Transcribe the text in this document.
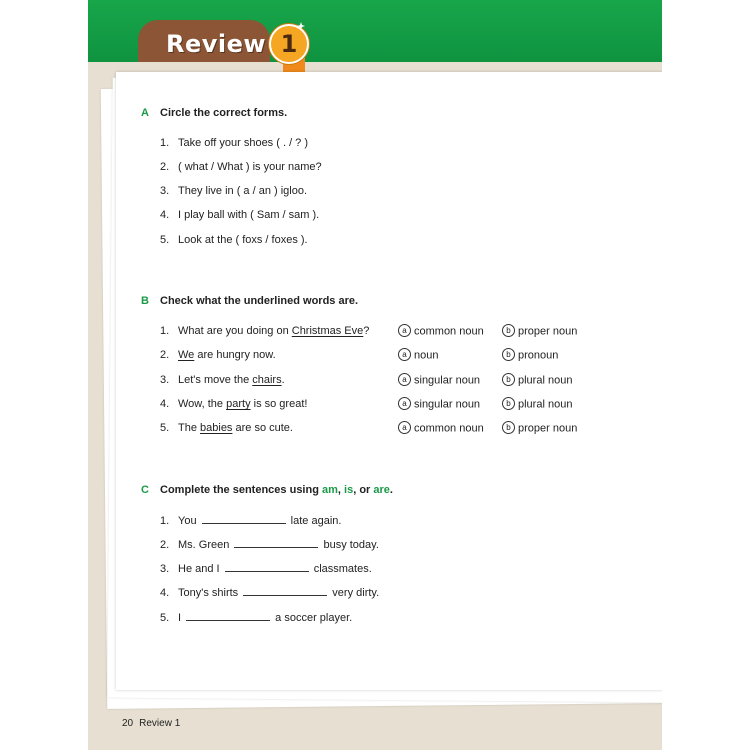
Review 1
A Circle the correct forms.
1. Take off your shoes ( . / ? )
2. ( what / What ) is your name?
3. They live in ( a / an ) igloo.
4. I play ball with ( Sam / sam ).
5. Look at the ( foxs / foxes ).
B Check what the underlined words are.
1. What are you doing on Christmas Eve?	a common noun	b proper noun
2. We are hungry now.	a noun	b pronoun
3. Let's move the chairs.	a singular noun	b plural noun
4. Wow, the party is so great!	a singular noun	b plural noun
5. The babies are so cute.	a common noun	b proper noun
C Complete the sentences using am, is, or are.
1. You	late again.
2. Ms. Green	busy today.
3. He and I	classmates.
4. Tony's shirts	very dirty.
5. I	a soccer player.
20 Review 1
